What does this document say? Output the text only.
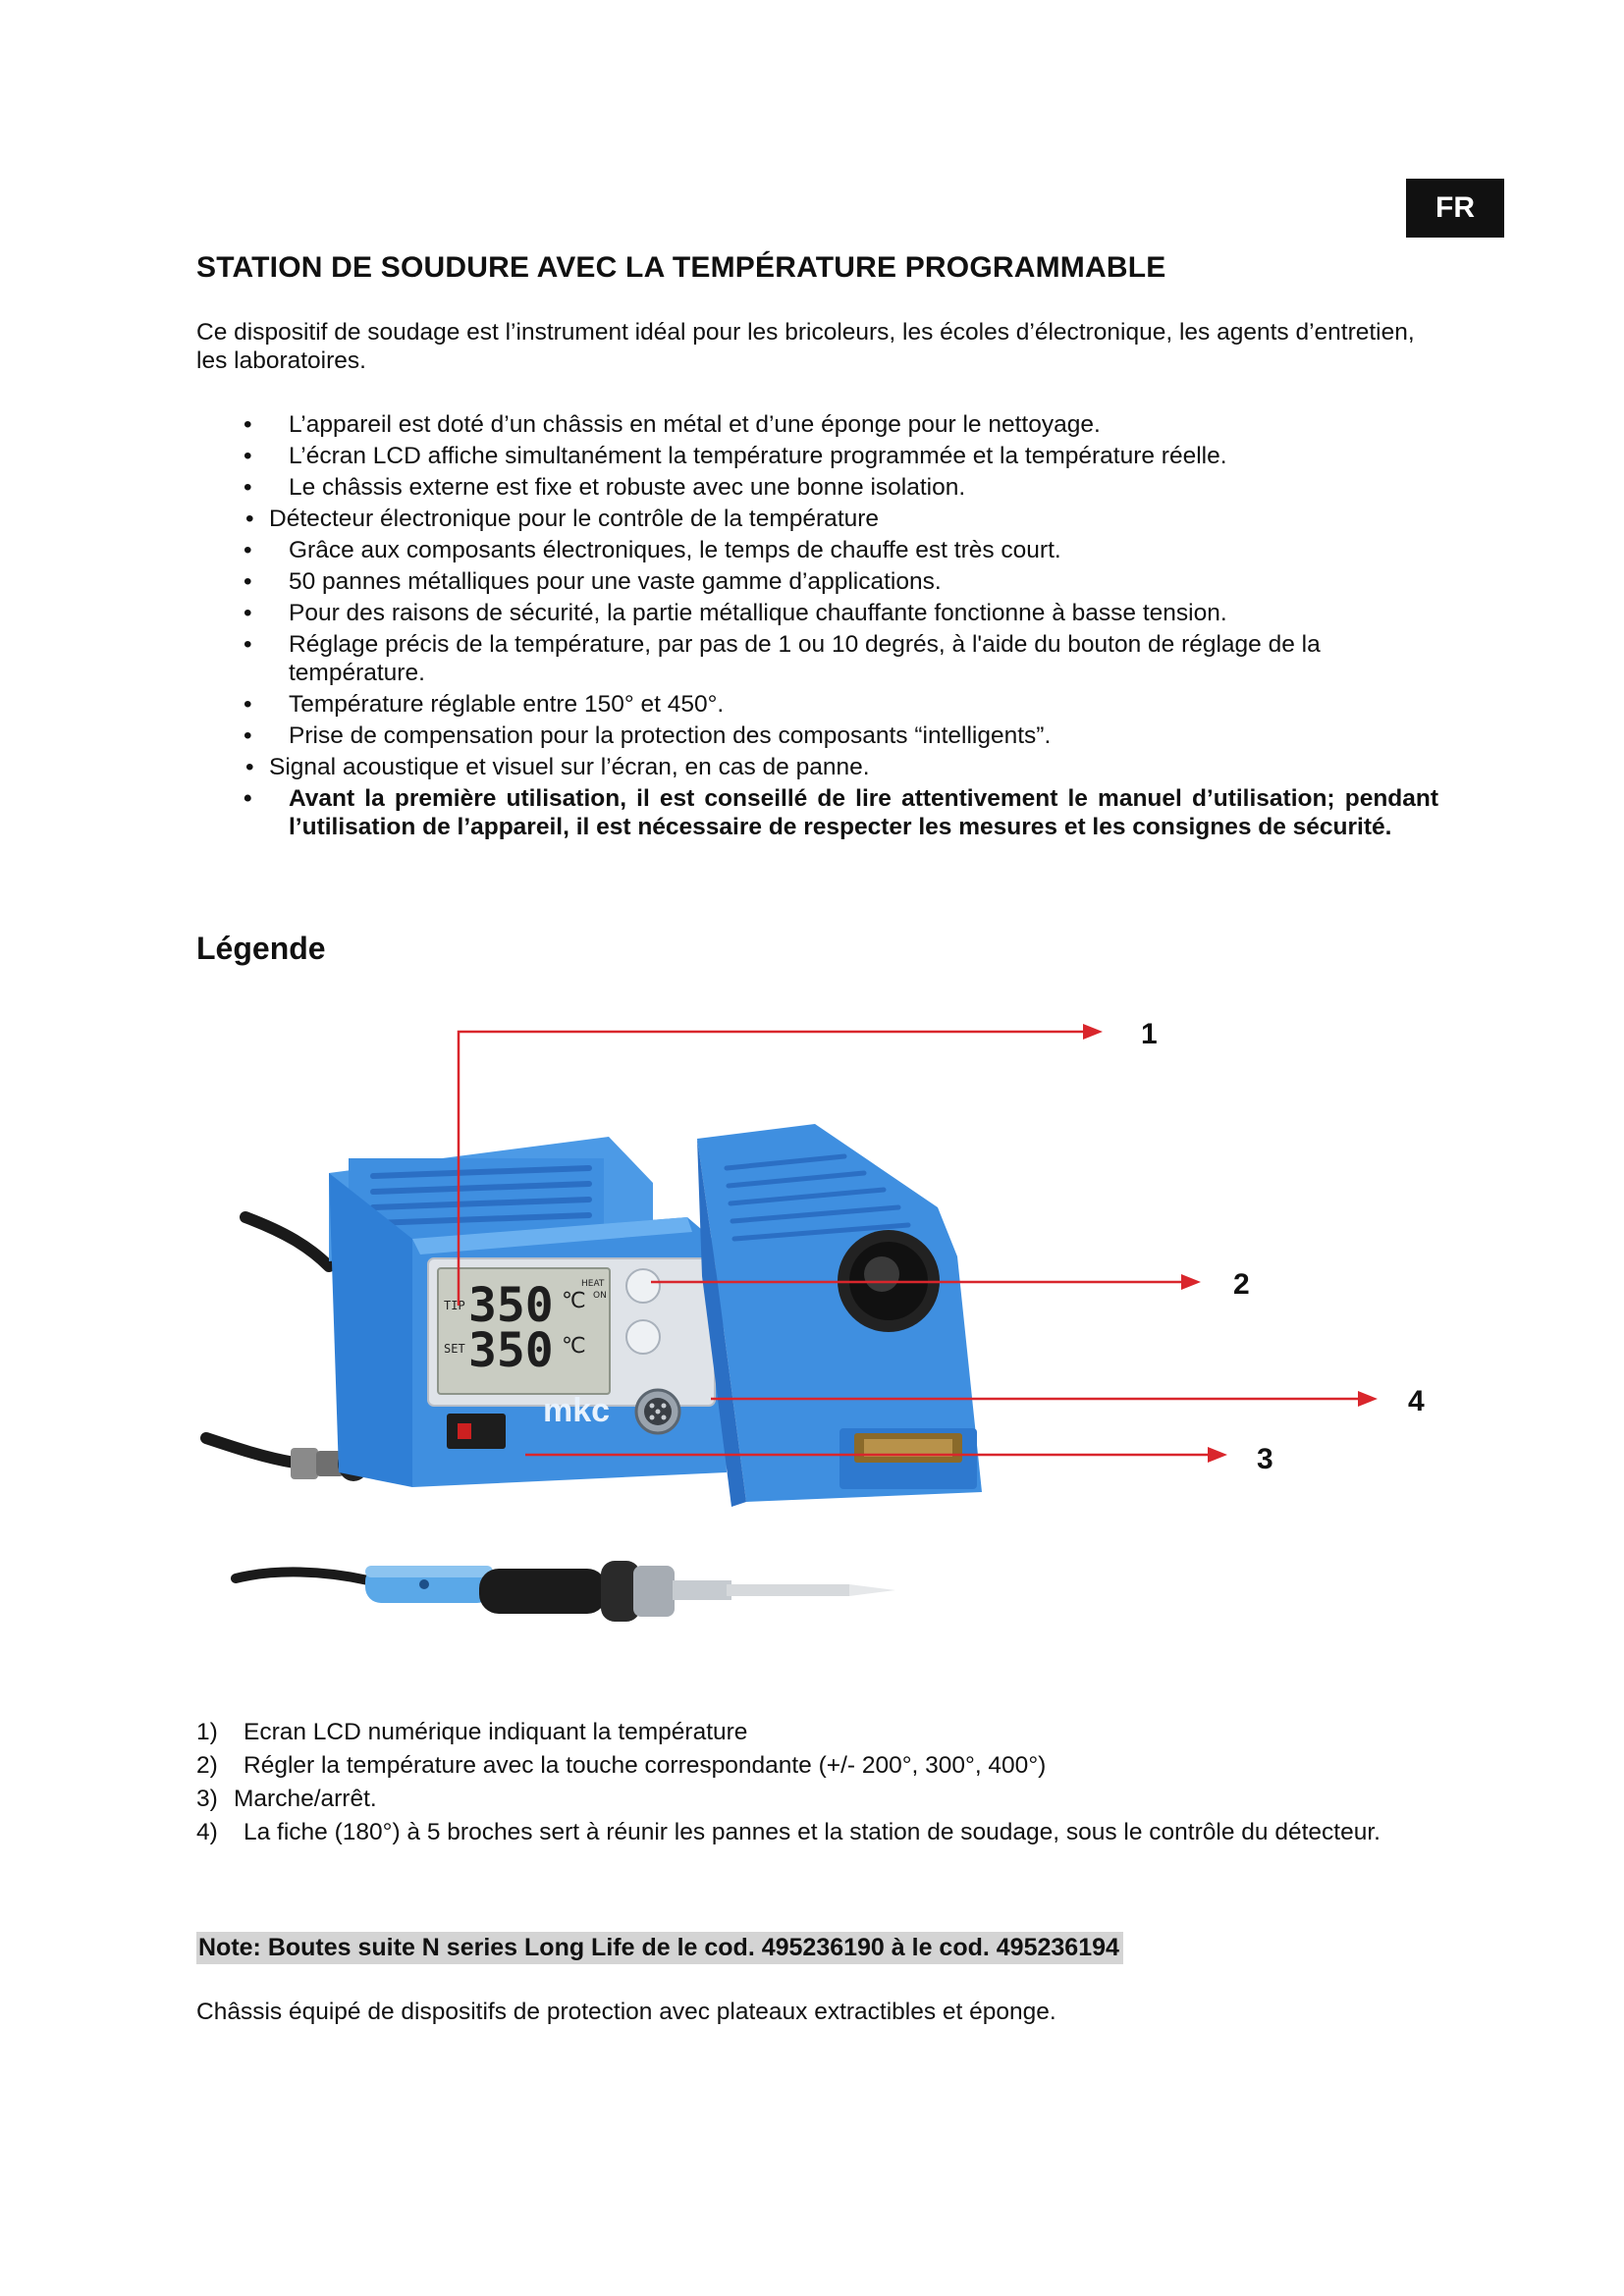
FR
STATION DE SOUDURE AVEC LA TEMPÉRATURE PROGRAMMABLE

Ce dispositif de soudage est l’instrument idéal pour les bricoleurs, les écoles d’électronique, les agents d’entretien, les laboratoires.

• L’appareil est doté d’un châssis en métal et d’une éponge pour le nettoyage.
• L’écran LCD affiche simultanément la température programmée et la température réelle.
• Le châssis externe est fixe et robuste avec une bonne isolation.
• Détecteur électronique pour le contrôle de la température
• Grâce aux composants électroniques, le temps de chauffe est très court.
• 50 pannes métalliques pour une vaste gamme d’applications.
• Pour des raisons de sécurité, la partie métallique chauffante fonctionne à basse tension.
• Réglage précis de la température, par pas de 1 ou 10 degrés, à l'aide du bouton de réglage de la température.
• Température réglable entre 150° et 450°.
• Prise de compensation pour la protection des composants “intelligents”.
• Signal acoustique et visuel sur l’écran, en cas de panne.
• Avant la première utilisation, il est conseillé de lire attentivement le manuel d’utilisation; pendant l’utilisation de l’appareil, il est nécessaire de respecter les mesures et les consignes de sécurité.
Légende
TIP 350 ℃
HEAT
ON
SET 350 ℃
mkc
1
2
4
3
1) Ecran LCD numérique indiquant la température
2) Régler la température avec la touche correspondante (+/- 200°, 300°, 400°)
3) Marche/arrêt.
4) La fiche (180°) à 5 broches sert à réunir les pannes et la station de soudage, sous le contrôle du détecteur.

Note: Boutes suite N series Long Life de le cod. 495236190 à le cod. 495236194

Châssis équipé de dispositifs de protection avec plateaux extractibles et éponge.
